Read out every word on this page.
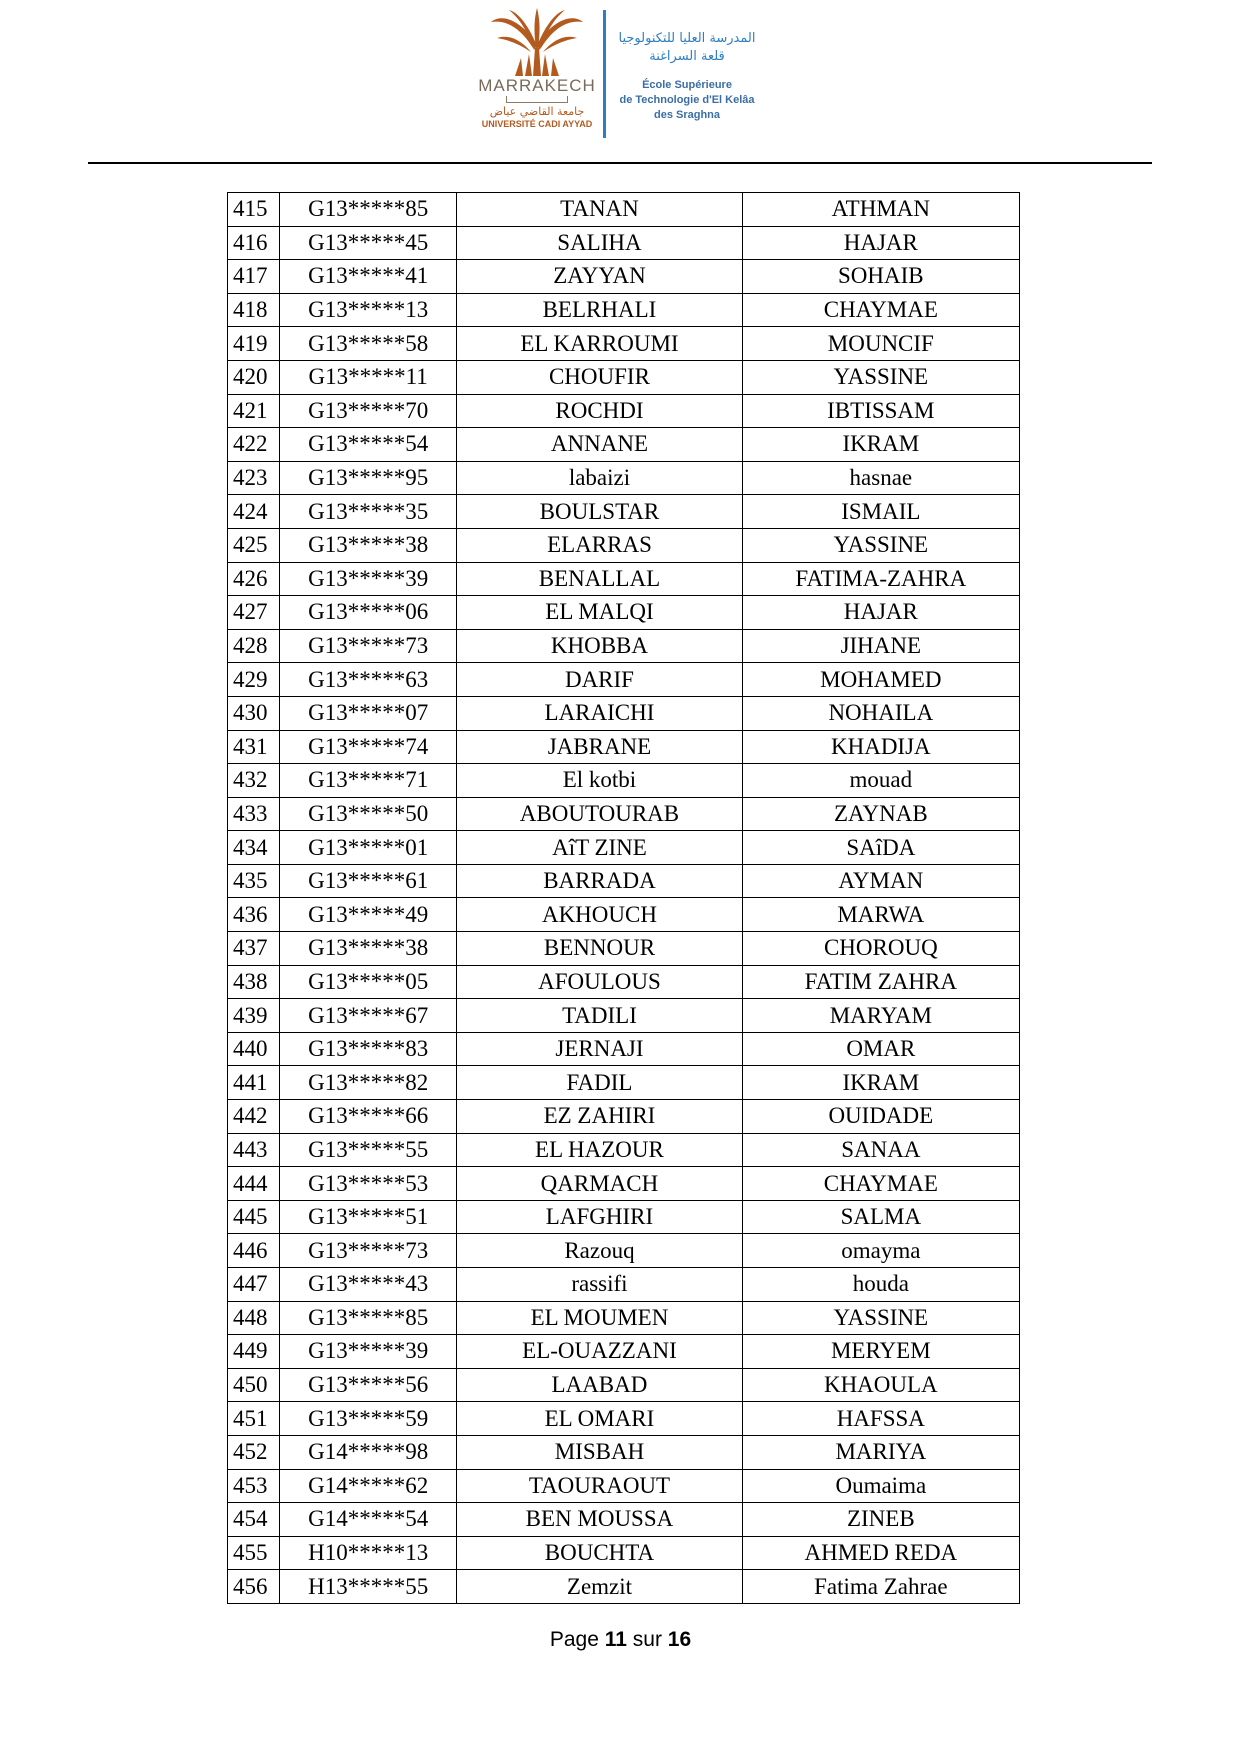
MARRAKECH
جامعة القاضي عياض
UNIVERSITÉ CADI AYYAD
المدرسة العليا للتكنولوجيا
قلعة السراغنة
École Supérieure
de Technologie d'El Kelâa
des Sraghna
415	G13*****85	TANAN	ATHMAN
416	G13*****45	SALIHA	HAJAR
417	G13*****41	ZAYYAN	SOHAIB
418	G13*****13	BELRHALI	CHAYMAE
419	G13*****58	EL KARROUMI	MOUNCIF
420	G13*****11	CHOUFIR	YASSINE
421	G13*****70	ROCHDI	IBTISSAM
422	G13*****54	ANNANE	IKRAM
423	G13*****95	labaizi	hasnae
424	G13*****35	BOULSTAR	ISMAIL
425	G13*****38	ELARRAS	YASSINE
426	G13*****39	BENALLAL	FATIMA-ZAHRA
427	G13*****06	EL MALQI	HAJAR
428	G13*****73	KHOBBA	JIHANE
429	G13*****63	DARIF	MOHAMED
430	G13*****07	LARAICHI	NOHAILA
431	G13*****74	JABRANE	KHADIJA
432	G13*****71	El kotbi	mouad
433	G13*****50	ABOUTOURAB	ZAYNAB
434	G13*****01	AîT ZINE	SAîDA
435	G13*****61	BARRADA	AYMAN
436	G13*****49	AKHOUCH	MARWA
437	G13*****38	BENNOUR	CHOROUQ
438	G13*****05	AFOULOUS	FATIM ZAHRA
439	G13*****67	TADILI	MARYAM
440	G13*****83	JERNAJI	OMAR
441	G13*****82	FADIL	IKRAM
442	G13*****66	EZ ZAHIRI	OUIDADE
443	G13*****55	EL HAZOUR	SANAA
444	G13*****53	QARMACH	CHAYMAE
445	G13*****51	LAFGHIRI	SALMA
446	G13*****73	Razouq	omayma
447	G13*****43	rassifi	houda
448	G13*****85	EL MOUMEN	YASSINE
449	G13*****39	EL-OUAZZANI	MERYEM
450	G13*****56	LAABAD	KHAOULA
451	G13*****59	EL OMARI	HAFSSA
452	G14*****98	MISBAH	MARIYA
453	G14*****62	TAOURAOUT	Oumaima
454	G14*****54	BEN MOUSSA	ZINEB
455	H10*****13	BOUCHTA	AHMED REDA
456	H13*****55	Zemzit	Fatima Zahrae
Page 11 sur 16
